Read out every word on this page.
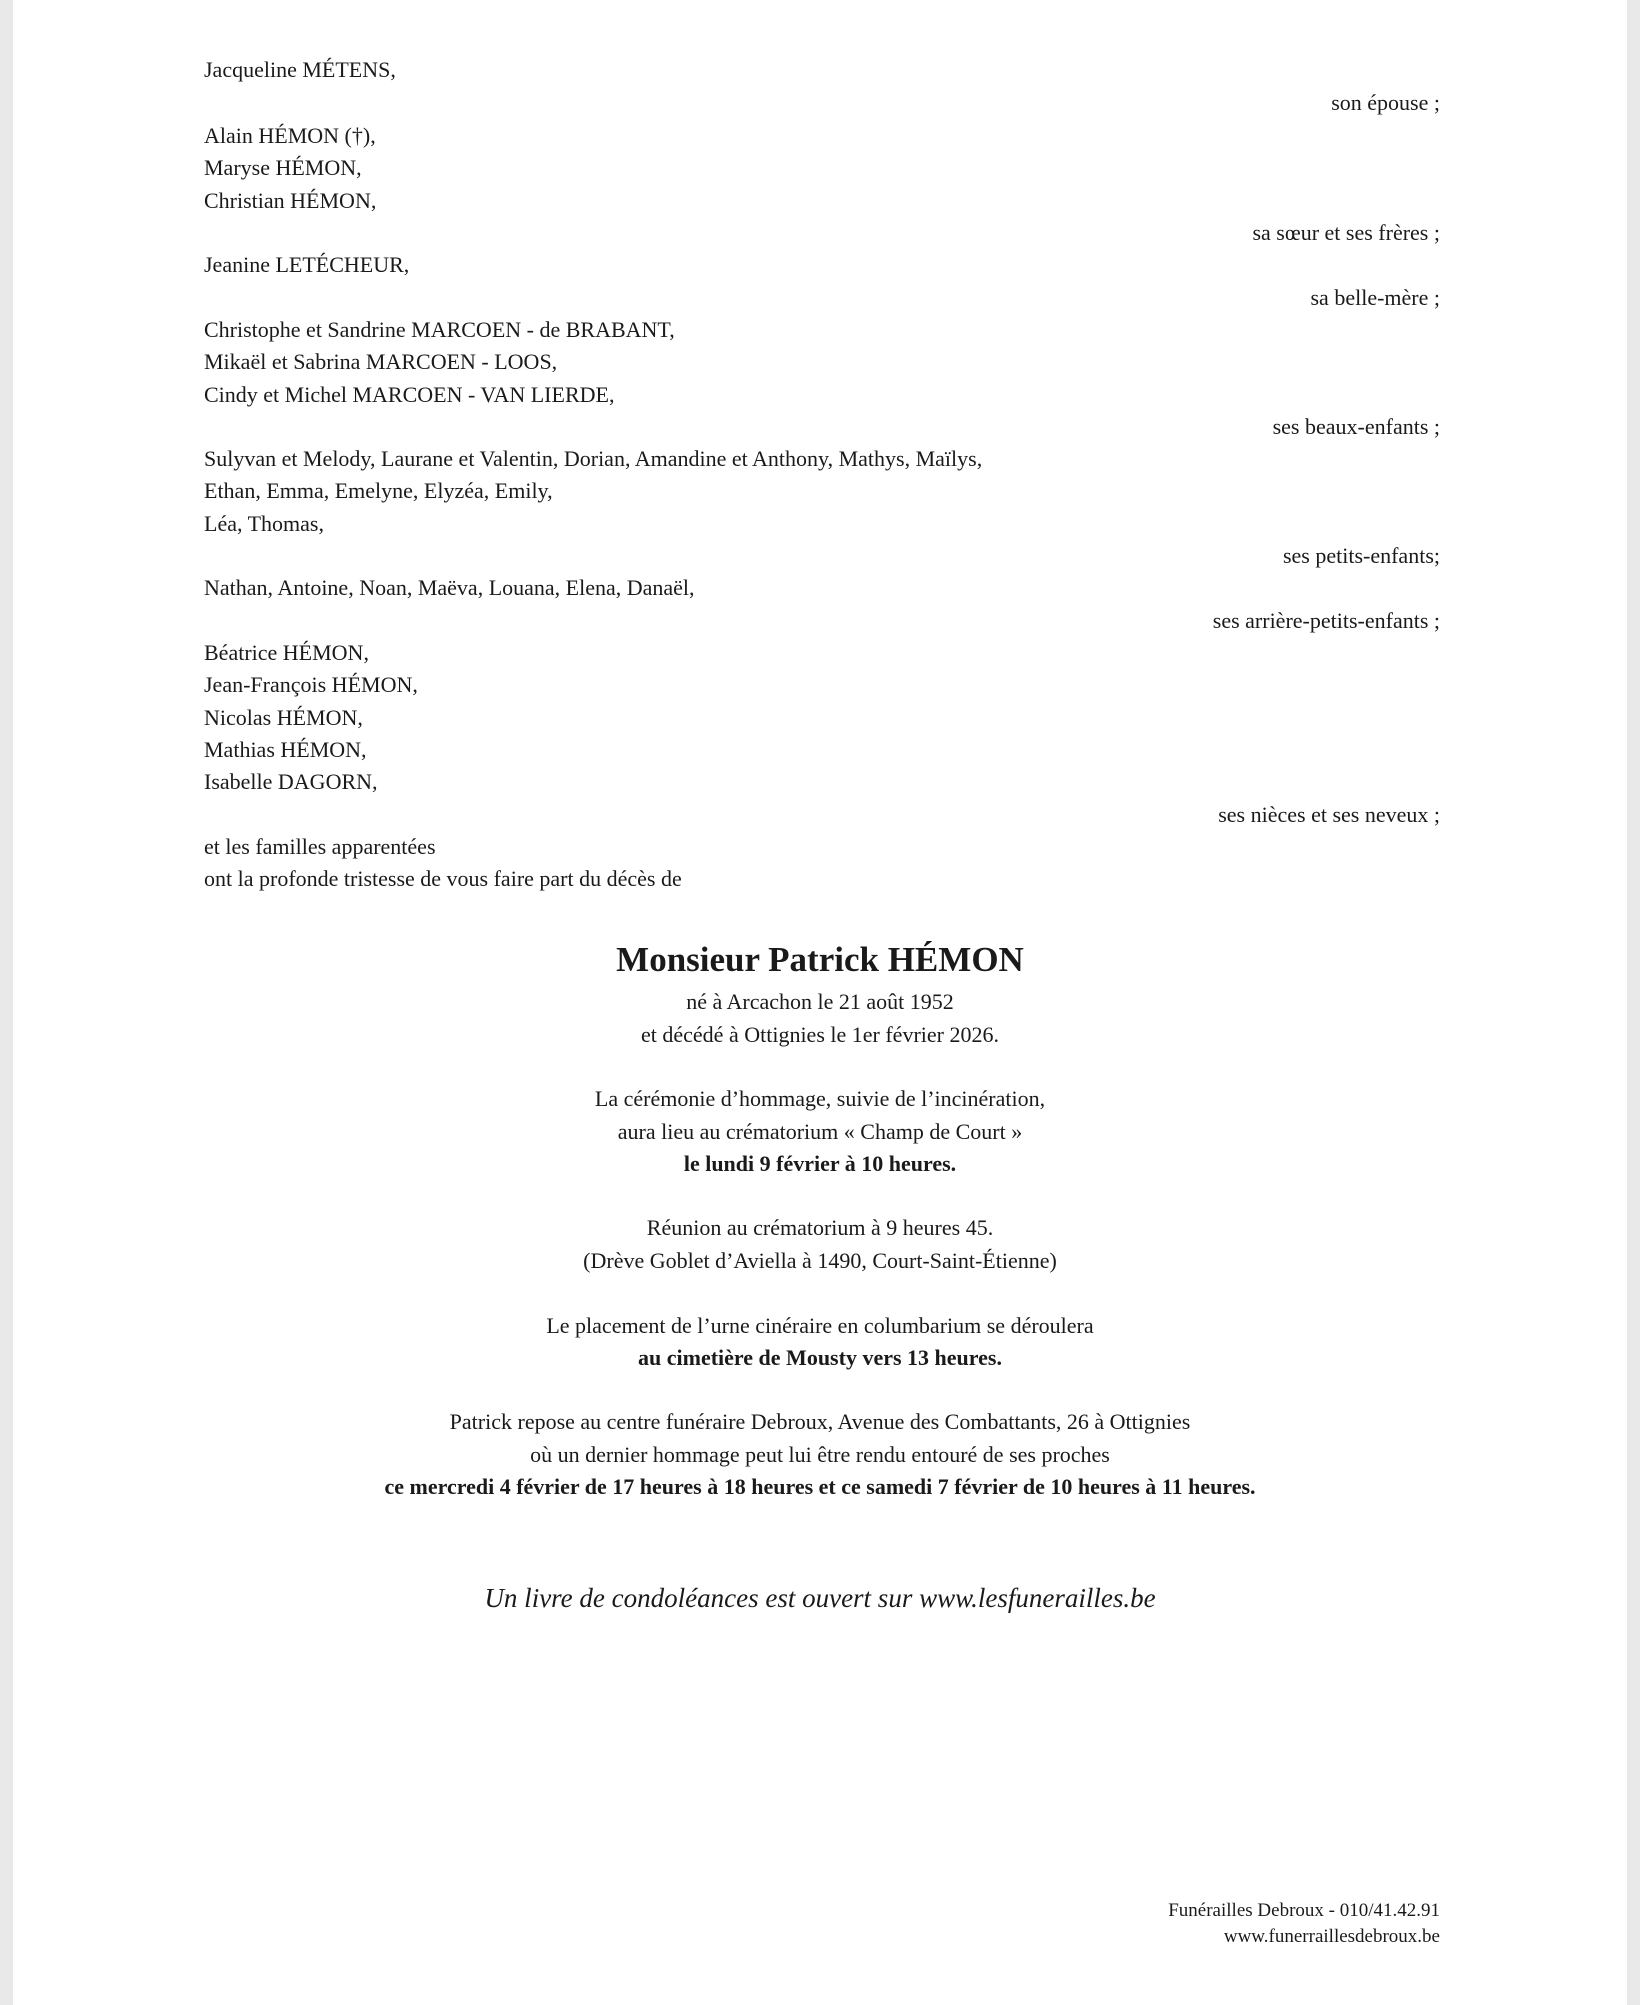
Jacqueline MÉTENS,
son épouse ;
Alain HÉMON (†),
Maryse HÉMON,
Christian HÉMON,
sa sœur et ses frères ;
Jeanine LETÉCHEUR,
sa belle-mère ;
Christophe et Sandrine MARCOEN - de BRABANT,
Mikaël et Sabrina MARCOEN - LOOS,
Cindy et Michel MARCOEN - VAN LIERDE,
ses beaux-enfants ;
Sulyvan et Melody, Laurane et Valentin, Dorian, Amandine et Anthony, Mathys, Maïlys,
Ethan, Emma, Emelyne, Elyzéa, Emily,
Léa, Thomas,
ses petits-enfants;
Nathan, Antoine, Noan, Maëva, Louana, Elena, Danaël,
ses arrière-petits-enfants ;
Béatrice HÉMON,
Jean-François HÉMON,
Nicolas HÉMON,
Mathias HÉMON,
Isabelle DAGORN,
ses nièces et ses neveux ;
et les familles apparentées
ont la profonde tristesse de vous faire part du décès de
Monsieur Patrick HÉMON
né à Arcachon le 21 août 1952
et décédé à Ottignies le 1er février 2026.
La cérémonie d’hommage, suivie de l’incinération,
aura lieu au crématorium « Champ de Court »
le lundi 9 février à 10 heures.
Réunion au crématorium à 9 heures 45.
(Drève Goblet d’Aviella à 1490, Court-Saint-Étienne)
Le placement de l’urne cinéraire en columbarium se déroulera
au cimetière de Mousty vers 13 heures.
Patrick repose au centre funéraire Debroux, Avenue des Combattants, 26 à Ottignies
où un dernier hommage peut lui être rendu entouré de ses proches
ce mercredi 4 février de 17 heures à 18 heures et ce samedi 7 février de 10 heures à 11 heures.
Un livre de condoléances est ouvert sur www.lesfunerailles.be
Funérailles Debroux - 010/41.42.91
www.funerraillesdebroux.be
